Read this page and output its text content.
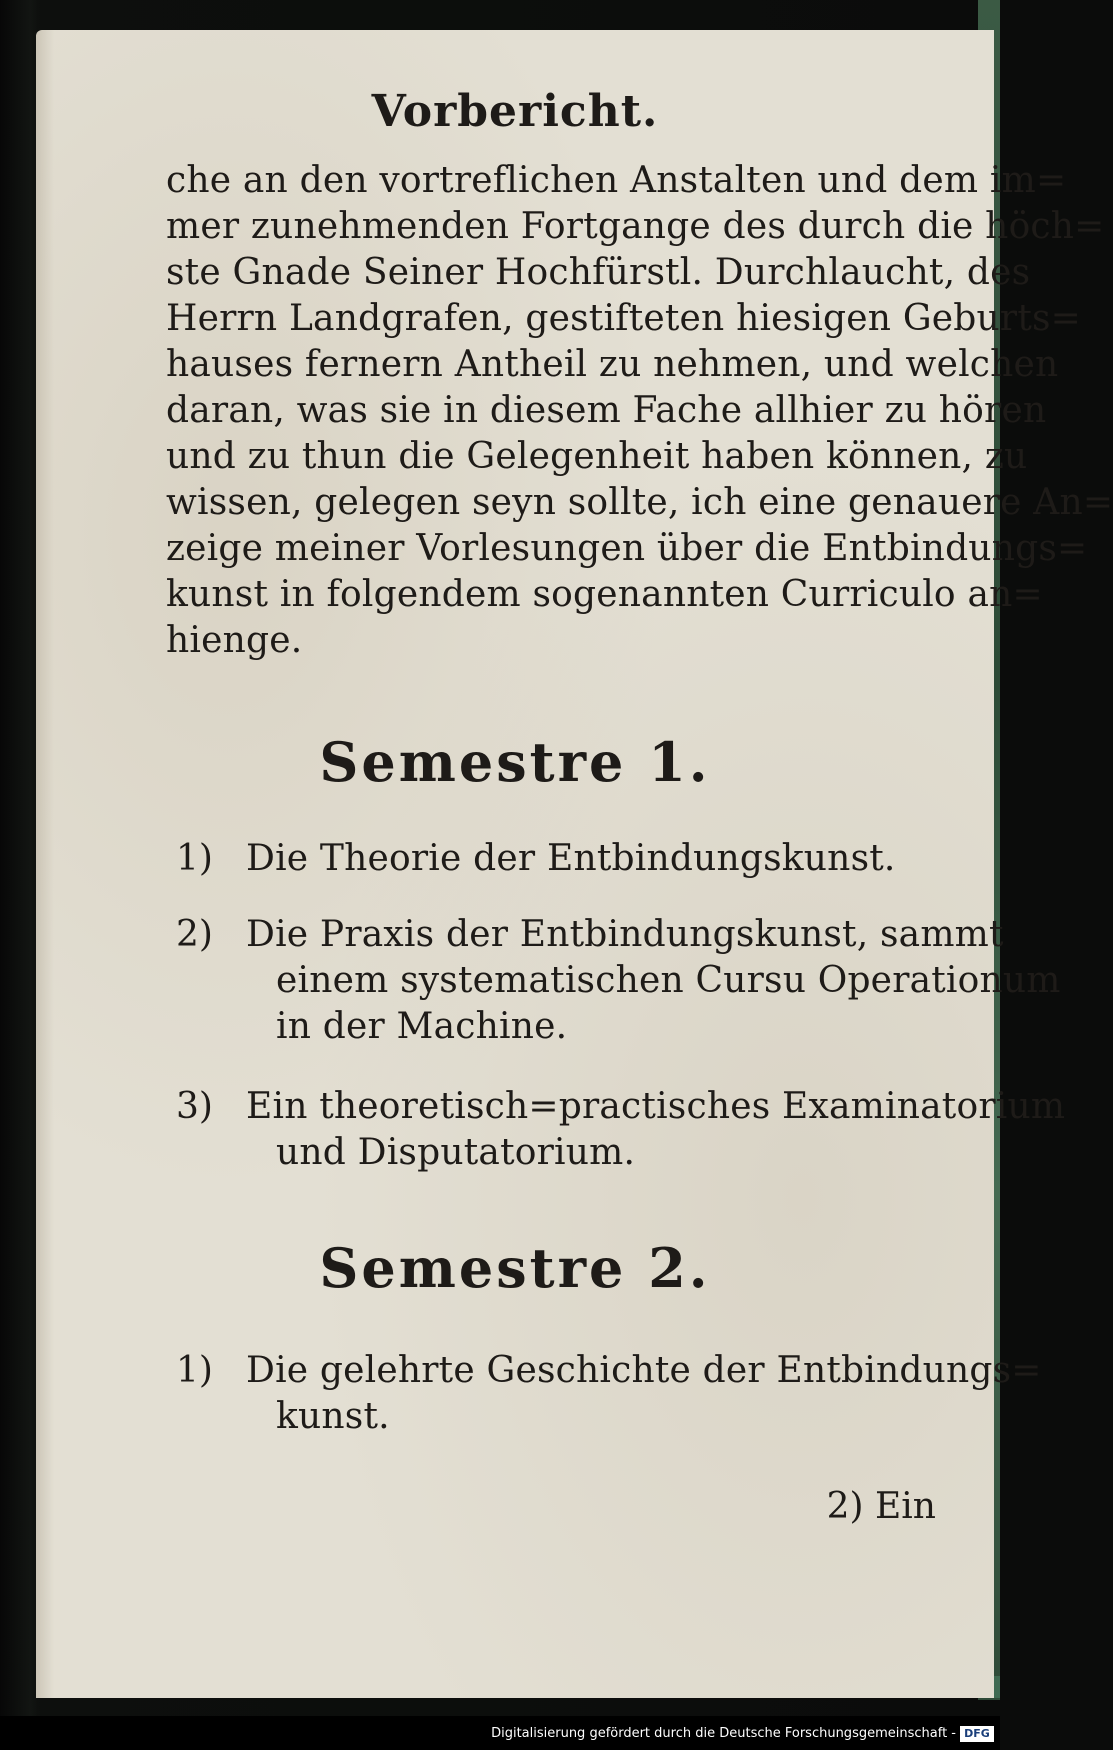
Vorbericht.
che an den vortreflichen Anstalten und dem im=
mer zunehmenden Fortgange des durch die höch=
ste Gnade Seiner Hochfürstl. Durchlaucht, des
Herrn Landgrafen, gestifteten hiesigen Geburts=
hauses fernern Antheil zu nehmen, und welchen
daran, was sie in diesem Fache allhier zu hören
und zu thun die Gelegenheit haben können, zu
wissen, gelegen seyn sollte, ich eine genauere An=
zeige meiner Vorlesungen über die Entbindungs=
kunst in folgendem sogenannten Curriculo an=
hienge.
Semestre 1.
1) Die Theorie der Entbindungskunst.
2) Die Praxis der Entbindungskunst, sammt
einem systematischen Cursu Operationum
in der Machine.
3) Ein theoretisch=practisches Examinatorium
und Disputatorium.
Semestre 2.
1) Die gelehrte Geschichte der Entbindungs=
kunst.
2) Ein
Digitalisierung gefördert durch die Deutsche Forschungsgemeinschaft - DFG
